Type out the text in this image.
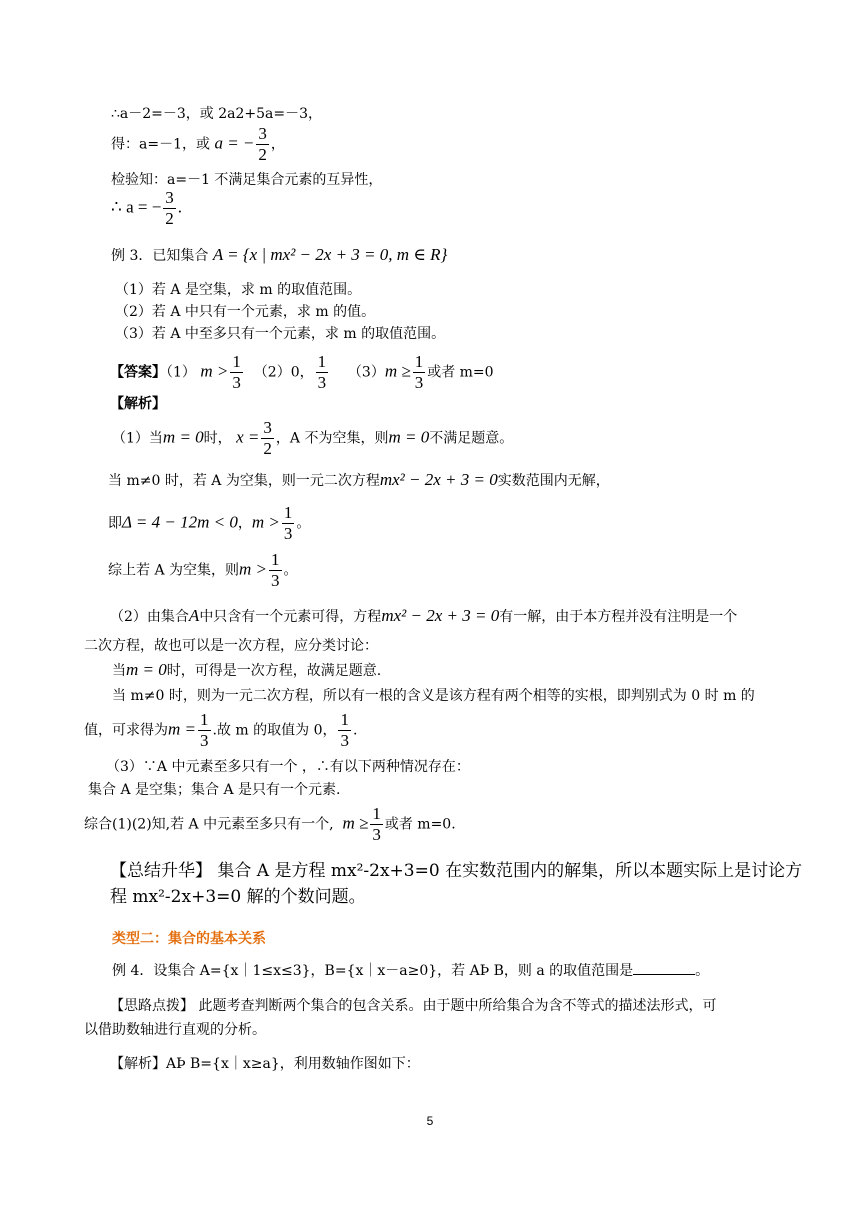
∴a－2=－3，或 2a2+5a=－3，
得：a=－1，或 a = − $\frac{3}{2}$ ，
检验知：a=－1 不满足集合元素的互异性，
∴ a = − $\frac{3}{2}$ .
例 3．已知集合 A = {x | mx² − 2x + 3 = 0, m ∈ R}
（1）若 A 是空集，求 m 的取值范围。
（2）若 A 中只有一个元素，求 m 的值。
（3）若 A 中至多只有一个元素，求 m 的取值范围。
【答案】（1） $m > \frac{1}{3} (2)0$， $\frac{1}{3} (3)m \ge \frac{1}{3}$ 或者 m=0
【解析】
（1）当m = 0时， $x = \frac{3}{2}$ ，A 不为空集，则m = 0不满足题意。
当 m≠0 时，若 A 为空集，则一元二次方程mx² − 2x + 3 = 0实数范围内无解，
即Δ = 4 − 12m < 0，$m > \frac{1}{3}$ 。
综上若 A 为空集，则$m > \frac{1}{3}$ 。
（2）由集合A中只含有一个元素可得，方程mx² − 2x + 3 = 0有一解，由于本方程并没有注明是一个
二次方程，故也可以是一次方程，应分类讨论：
当m = 0时，可得是一次方程，故满足题意.
当 m≠0 时，则为一元二次方程，所以有一根的含义是该方程有两个相等的实根，即判别式为 0 时 m 的
值，可求得为$m = \frac{1}{3}$ .故 m 的取值为 0， $\frac{1}{3}$ .
（3）∵A 中元素至多只有一个 ，∴有以下两种情况存在：
集合 A 是空集；集合 A 是只有一个元素.
综合(1)(2)知,若 A 中元素至多只有一个, $m \ge \frac{1}{3}$ 或者 m=0.
【总结升华】 集合 A 是方程 mx²-2x+3=0 在实数范围内的解集，所以本题实际上是讨论方
程 mx²-2x+3=0 解的个数问题。
类型二：集合的基本关系
例 4．设集合 A={x｜1≤x≤3}，B={x｜x－a≥0}，若 AÞ B，则 a 的取值范围是	。
【思路点拨】 此题考查判断两个集合的包含关系。由于题中所给集合为含不等式的描述法形式，可
以借助数轴进行直观的分析。
【解析】AÞ B={x｜x≥a}，利用数轴作图如下：
5
